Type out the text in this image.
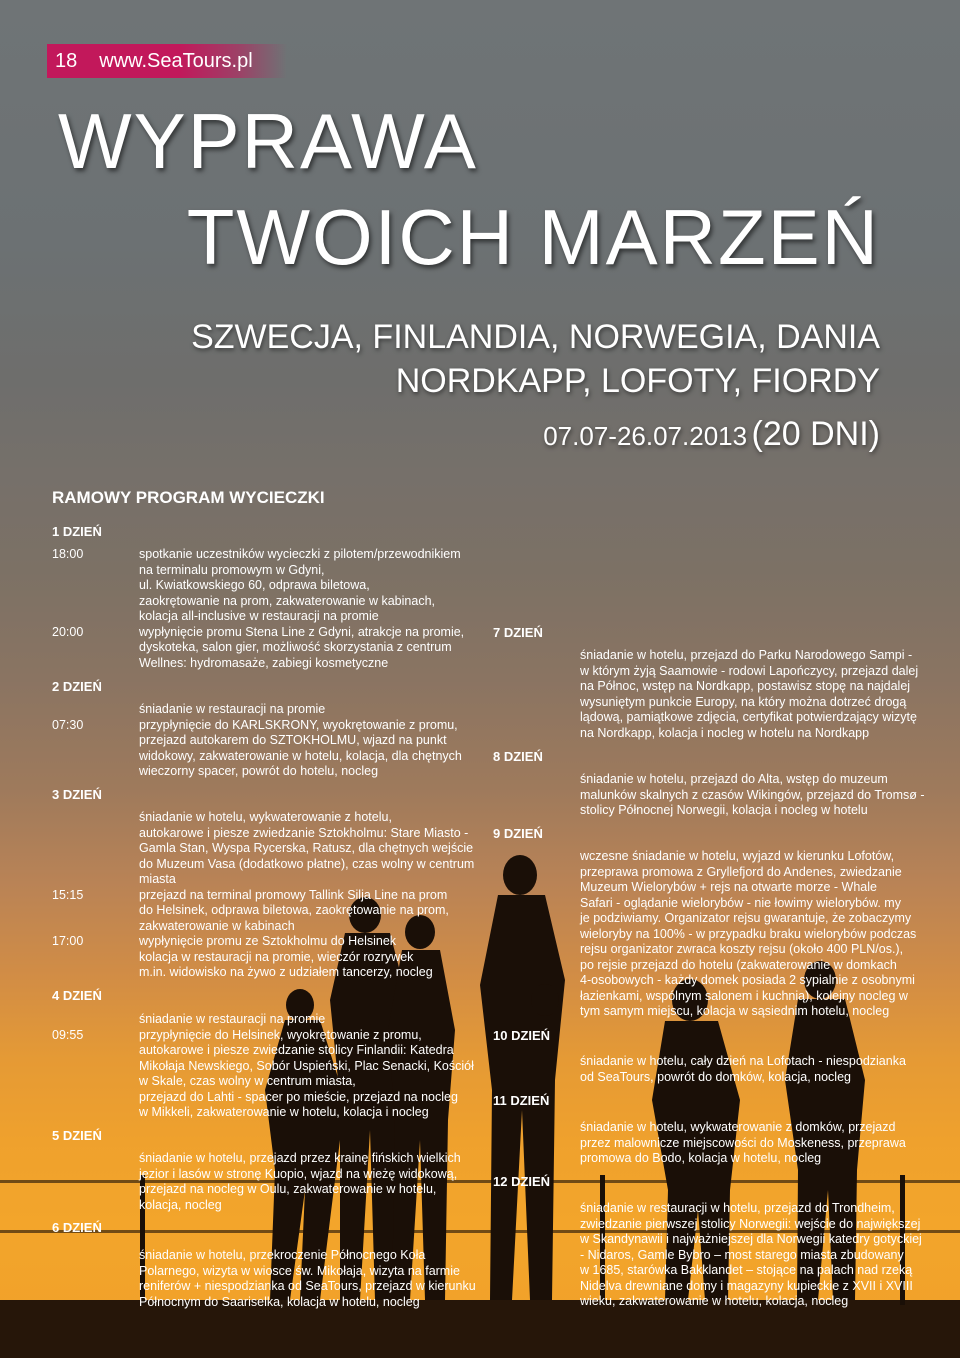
18 www.SeaTours.pl
WYPRAWA
TWOICH MARZEŃ
SZWECJA, FINLANDIA, NORWEGIA, DANIA
NORDKAPP, LOFOTY, FIORDY
07.07-26.07.2013 (20 DNI)
RAMOWY PROGRAM WYCIECZKI
1 DZIEŃ
18:00
20:00
spotkanie uczestników wycieczki z pilotem/przewodnikiem
na terminalu promowym w Gdyni,
ul. Kwiatkowskiego 60, odprawa biletowa,
zaokrętowanie na prom, zakwaterowanie w kabinach,
kolacja all-inclusive w restauracji na promie
wypłynięcie promu Stena Line z Gdyni, atrakcje na promie,
dyskoteka, salon gier, możliwość skorzystania z centrum
Wellnes: hydromasaże, zabiegi kosmetyczne
2 DZIEŃ
07:30
śniadanie w restauracji na promie
przypłynięcie do KARLSKRONY, wyokrętowanie z promu,
przejazd autokarem do SZTOKHOLMU, wjazd na punkt
widokowy, zakwaterowanie w hotelu, kolacja, dla chętnych
wieczorny spacer, powrót do hotelu, nocleg
3 DZIEŃ
15:15
17:00
śniadanie w hotelu, wykwaterowanie z hotelu,
autokarowe i piesze zwiedzanie Sztokholmu: Stare Miasto -
Gamla Stan, Wyspa Rycerska, Ratusz, dla chętnych wejście
do Muzeum Vasa (dodatkowo płatne), czas wolny w centrum
miasta
przejazd na terminal promowy Tallink Silja Line na prom
do Helsinek, odprawa biletowa, zaokrętowanie na prom,
zakwaterowanie w kabinach
wypłynięcie promu ze Sztokholmu do Helsinek
kolacja w restauracji na promie, wieczór rozrywek
m.in. widowisko na żywo z udziałem tancerzy, nocleg
4 DZIEŃ
09:55
śniadanie w restauracji na promie
przypłynięcie do Helsinek, wyokrętowanie z promu,
autokarowe i piesze zwiedzanie stolicy Finlandii: Katedra
Mikołaja Newskiego, Sobór Uspieński, Plac Senacki, Kościół
w Skale, czas wolny w centrum miasta,
przejazd do Lahti - spacer po mieście, przejazd na nocleg
w Mikkeli, zakwaterowanie w hotelu, kolacja i nocleg
5 DZIEŃ
śniadanie w hotelu, przejazd przez krainę fińskich wielkich
jezior i lasów w stronę Kuopio, wjazd na wieżę widokową,
przejazd na nocleg w Oulu, zakwaterowanie w hotelu,
kolacja, nocleg
6 DZIEŃ
śniadanie w hotelu, przekroczenie Północnego Koła
Polarnego, wizyta w wiosce św. Mikołaja, wizyta na farmie
reniferów + niespodzianka od SeaTours, przejazd w kierunku
Północnym do Saariselka, kolacja w hotelu, nocleg
7 DZIEŃ
śniadanie w hotelu, przejazd do Parku Narodowego Sampi -
w którym żyją Saamowie - rodowi Lapończycy, przejazd dalej
na Północ, wstęp na Nordkapp, postawisz stopę na najdalej
wysuniętym punkcie Europy, na który można dotrzeć drogą
lądową, pamiątkowe zdjęcia, certyfikat potwierdzający wizytę
na Nordkapp, kolacja i nocleg w hotelu na Nordkapp
8 DZIEŃ
śniadanie w hotelu, przejazd do Alta, wstęp do muzeum
malunków skalnych z czasów Wikingów, przejazd do Tromsø -
stolicy Północnej Norwegii, kolacja i nocleg w hotelu
9 DZIEŃ
wczesne śniadanie w hotelu, wyjazd w kierunku Lofotów,
przeprawa promowa z Gryllefjord do Andenes, zwiedzanie
Muzeum Wielorybów + rejs na otwarte morze - Whale
Safari - oglądanie wielorybów - nie łowimy wielorybów. my
je podziwiamy. Organizator rejsu gwarantuje, że zobaczymy
wieloryby na 100% - w przypadku braku wielorybów podczas
rejsu organizator zwraca koszty rejsu (około 400 PLN/os.),
po rejsie przejazd do hotelu (zakwaterowanie w domkach
4-osobowych - każdy domek posiada 2 sypialnie z osobnymi
łazienkami, wspólnym salonem i kuchnią), kolejny nocleg w
tym samym miejscu, kolacja w sąsiednim hotelu, nocleg
10 DZIEŃ
śniadanie w hotelu, cały dzień na Lofotach - niespodzianka
od SeaTours, powrót do domków, kolacja, nocleg
11 DZIEŃ
śniadanie w hotelu, wykwaterowanie z domków, przejazd
przez malownicze miejscowości do Moskeness, przeprawa
promowa do Bodo, kolacja w hotelu, nocleg
12 DZIEŃ
śniadanie w restauracji w hotelu, przejazd do Trondheim,
zwiedzanie pierwszej stolicy Norwegii: wejście do największej
w Skandynawii i najważniejszej dla Norwegii katedry gotyckiej
- Nidaros, Gamle Bybro – most starego miasta zbudowany
w 1685, starówka Bakklandet – stojące na palach nad rzeką
Nidelva drewniane domy i magazyny kupieckie z XVII i XVIII
wieku, zakwaterowanie w hotelu, kolacja, nocleg
